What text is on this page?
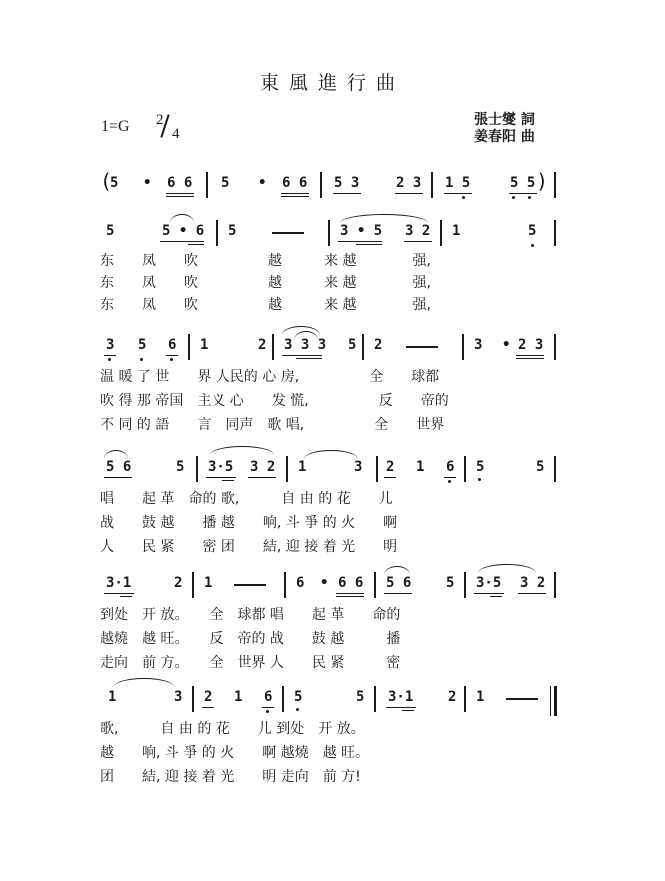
東風進行曲
1=G 2
4
張士燮 詞
姜春阳 曲
(
5 • 6 6 5 • 6 6 5 3	2 3 1 5	5 5 )
5	5 • 6 5	3 • 5 3 2 1	5
东　　凤　　吹　　　　　越　　　来 越　　　　强,
东　　凤　　吹　　　　　越　　　来 越　　　　强,
东　　凤　　吹　　　　　越　　　来 越　　　　强,
3 5 6 1	2 3 3 3 5 2	3 • 2 3
温 暖 了 世　　界 人民的 心 房,　　　　　全　　球都
吹 得 那 帝国　主义 心　　发 慌,　　　　　反　　帝的
不 同 的 語　　言　同声　歌 唱,　　　　　全　　世界
5 6	5 3·5 3 2 1	3 2 1 6 5	5
唱　　起 革　命的 歌,　　　自 由 的 花　　儿
战　　鼓 越　　播 越　　响, 斗 爭 的 火　　啊
人　　民 紧　　密 团　　結, 迎 接 着 光　　明
3·1	2 1	6 • 6 6 5 6 5 3·5 3 2
到处　开 放。　　全　球都 唱　　起 革　　命的
越燒　越 旺。　　反　帝的 战　　鼓 越　　　播
走向　前 方。　　全　世界 人　　民 紧　　　密
1	3 2 1 6 5	5 3·1 2 1
歌,　　　自 由 的 花　　儿 到处　开 放。
越　　响, 斗 爭 的 火　　啊 越燒　越 旺。
团　　結, 迎 接 着 光　　明 走向　前 方!
